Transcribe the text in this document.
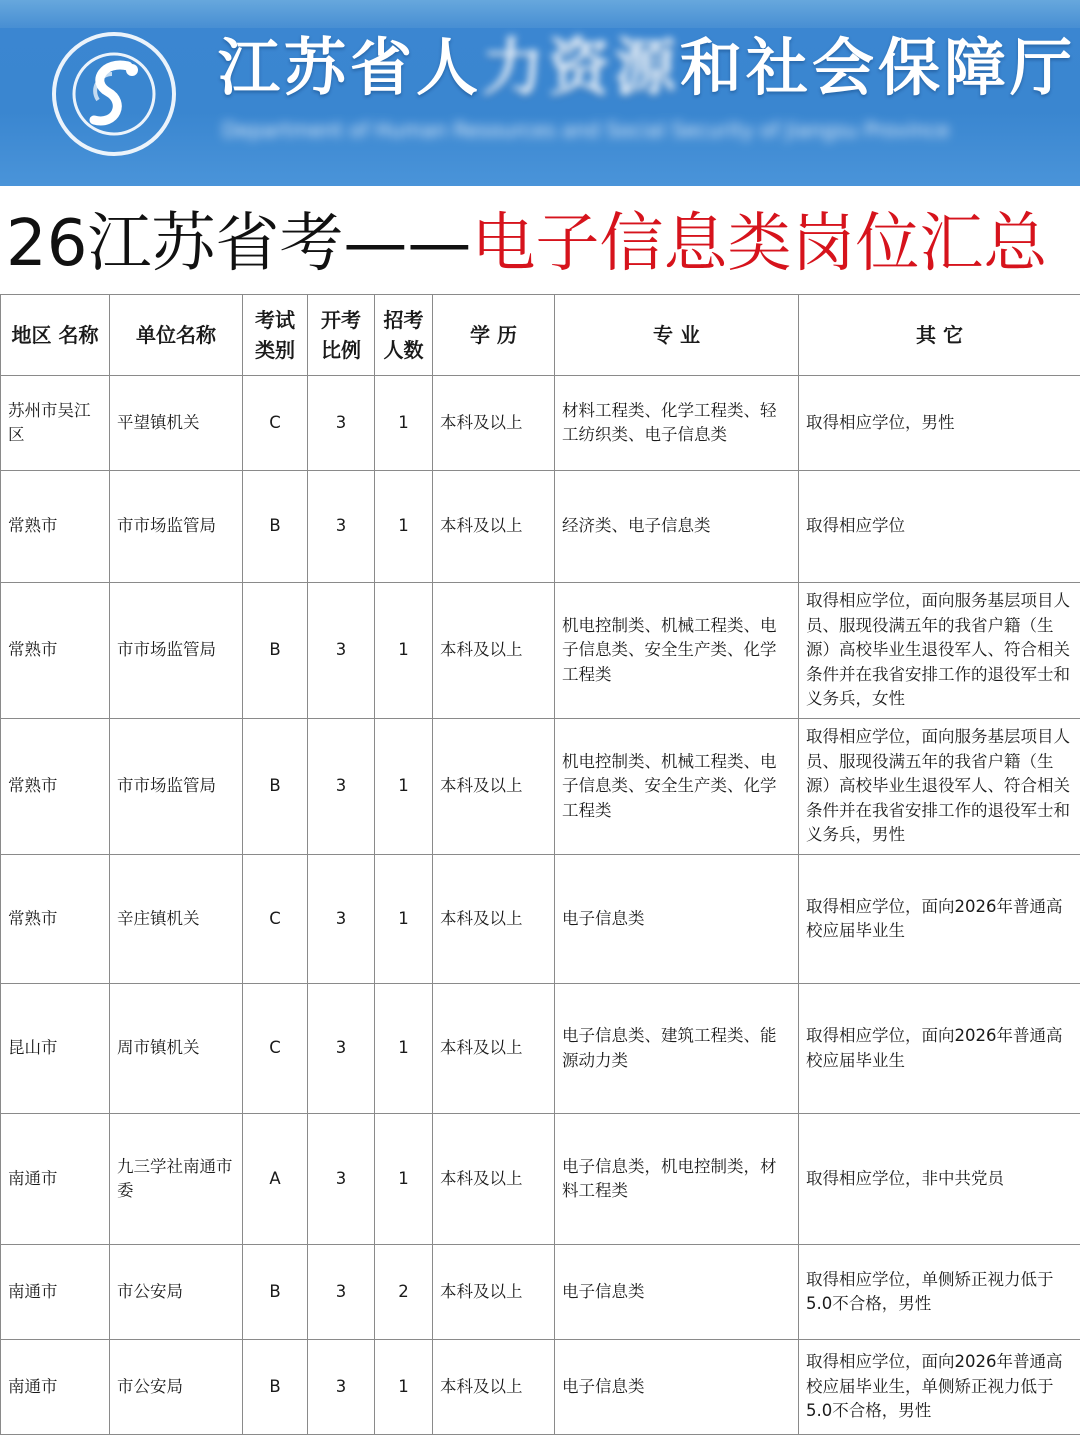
江苏省人力资源和社会保障厅
Department of Human Resources and Social Security of Jiangsu Province
26江苏省考——电子信息类岗位汇总
地区 名称	单位名称	考试类别	开考比例	招考人数	学 历	专 业	其 它
苏州市吴江区	平望镇机关	C	3	1	本科及以上	材料工程类、化学工程类、轻工纺织类、电子信息类	取得相应学位，男性
常熟市	市市场监管局	B	3	1	本科及以上	经济类、电子信息类	取得相应学位
常熟市	市市场监管局	B	3	1	本科及以上	机电控制类、机械工程类、电子信息类、安全生产类、化学工程类	取得相应学位，面向服务基层项目人员、服现役满五年的我省户籍（生源）高校毕业生退役军人、符合相关条件并在我省安排工作的退役军士和义务兵，女性
常熟市	市市场监管局	B	3	1	本科及以上	机电控制类、机械工程类、电子信息类、安全生产类、化学工程类	取得相应学位，面向服务基层项目人员、服现役满五年的我省户籍（生源）高校毕业生退役军人、符合相关条件并在我省安排工作的退役军士和义务兵，男性
常熟市	辛庄镇机关	C	3	1	本科及以上	电子信息类	取得相应学位，面向2026年普通高校应届毕业生
昆山市	周市镇机关	C	3	1	本科及以上	电子信息类、建筑工程类、能源动力类	取得相应学位，面向2026年普通高校应届毕业生
南通市	九三学社南通市委	A	3	1	本科及以上	电子信息类，机电控制类，材料工程类	取得相应学位，非中共党员
南通市	市公安局	B	3	2	本科及以上	电子信息类	取得相应学位，单侧矫正视力低于5.0不合格，男性
南通市	市公安局	B	3	1	本科及以上	电子信息类	取得相应学位，面向2026年普通高校应届毕业生，单侧矫正视力低于5.0不合格，男性
